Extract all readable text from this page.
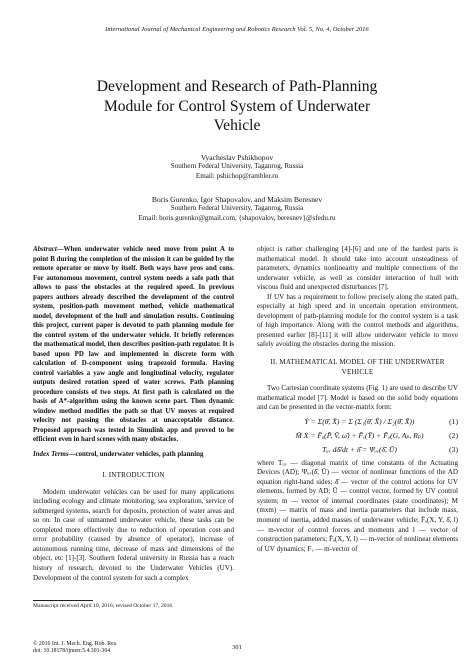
International Journal of Mechanical Engineering and Robotics Research Vol. 5, No. 4, October 2016
Development and Research of Path-Planning
Module for Control System of Underwater
Vehicle
Vyacheslav Pshikhopov
Southern Federal University, Taganrog, Russia
Email: pshichop@rambler.ru
Boris Gurenko, Igor Shapovalov, and Maksim Beresnev
Southern Federal University, Taganrog, Russia
Email: boris.gurenko@gmail.com, {shapovalov, beresnev}@sfedu.ru

Abstract—When underwater vehicle need move from point A to point B during the completion of the mission it can be guided by the remote operator or move by itself. Both ways have pros and cons. For autonomous movement, control system needs a safe path that allows to pass the obstacles at the required speed. In previous papers authors already described the development of the control system, position-path movement method, vehicle mathematical model, development of the hull and simulation results. Continuing this project, current paper is devoted to path planning module for the control system of the underwater vehicle. It briefly references the mathematical model, then describes position-path regulator. It is based upon PD law and implemented in discrete form with calculation of D-component using trapezoid formula. Having control variables a yaw angle and longitudinal velocity, regulator outputs desired rotation speed of water screws. Path planning procedure consists of two steps. At first path is calculated on the basis of A*-algorithm using the known scene part. Then dynamic window method modifies the path so that UV moves at required velocity not passing the obstacles at unacceptable distance. Proposed approach was tested in Simulink app and proved to be efficient even in hard scenes with many obstacles.

Index Terms—control, underwater vehicles, path planning

I. INTRODUCTION

Modern underwater vehicles can be used for many applications including ecology and climate monitoring, sea exploration, service of submerged systems, search for deposits, protection of water areas and so on. In case of unmanned underwater vehicle, these tasks can be completed more effectively due to reduction of operation cost and error probability (caused by absence of operator), increase of autonomous running time, decrease of mass and dimensions of the object, etc [1]-[3]. Southern federal university in Russia has a reach history of research, devoted to the Underwater Vehicles (UV). Development of the control system for such a complex

object is rather challenging [4]-[6] and one of the hardest parts is mathematical model. It should take into account unsteadiness of parameters, dynamics nonlinearity and multiple connections of the underwater vehicle, as well as consider interaction of hull with viscous fluid and unexpected disturbances [7].

If UV has a requirement to follow precisely along the stated path, especially at high speed and in uncertain operation environment, development of path-planning module for the control system is a task of high importance. Along with the control methods and algorithms, presented earlier [8]-[11] it will allow underwater vehicle to move safely avoiding the obstacles during the mission.

II. MATHEMATICAL MODEL OF THE UNDERWATER VEHICLE

Two Cartesian coordinate systems (Fig. 1) are used to describe UV mathematical model [7]. Model is based on the solid body equations and can be presented in the vector-matrix form:

Ẏ = Σ(θ̄, X̄) = Σ (Σ₁(θ̄, X̄) / Σ₂(θ̄, X̄))	(1)
M̄ Ẋ = F̄ₐ(P̄, V̄, ω̄) + F̄ₑ(Ȳ) + F̄ₐ(G, Aₚ, Rₚ)	(2)
Tᵤᵥ dδ̄/dt + δ̄ = Ψᵤᵥ(δ̄, Ū)	(3)

where Tᵤᵥ — diagonal matrix of time constants of the Actuating Devices (AD); Ψᵤᵥ(δ̄, Ū) — vector of nonlinear functions of the AD equation right-hand sides; δ̄ — vector of the control actions for UV elements, formed by AD; Ū — control vector, formed by UV control system; m — vector of internal coordinates (state coordinates); M (mxm) — matrix of mass and inertia parameters that include mass, moment of inertia, added masses of underwater vehicle; F̄ₐ(X, Y, δ̄, l) — m-vector of control forces and moments and l — vector of construction parameters; F̄ₐ(X, Y, l) — m-vector of nonlinear elements of UV dynamics; Fᵥ — m-vector of

Manuscript received April 10, 2016; revised October 17, 2016.
© 2016 Int. J. Mech. Eng. Rob. Res.
doi: 10.18178/ijmerr.5.4.301-304
301
